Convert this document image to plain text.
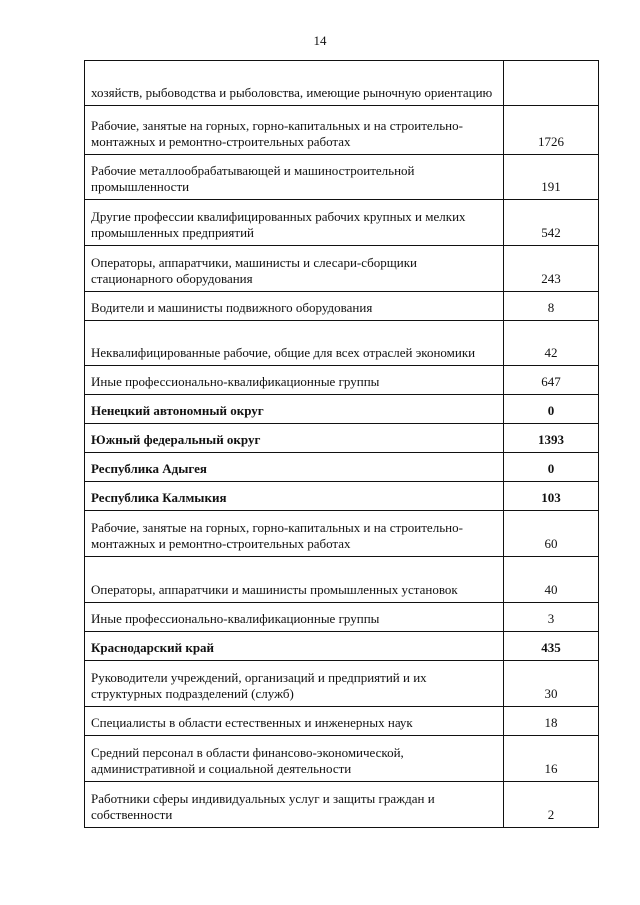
14
хозяйств, рыбоводства и рыболовства, имеющие рыночную ориентацию	
Рабочие, занятые на горных, горно-капитальных и на строительно-монтажных и ремонтно-строительных работах	1726
Рабочие металлообрабатывающей и машиностроительной промышленности	191
Другие профессии квалифицированных рабочих крупных и мелких промышленных предприятий	542
Операторы, аппаратчики, машинисты и слесари-сборщики стационарного оборудования	243
Водители и машинисты подвижного оборудования	8
Неквалифицированные рабочие, общие для всех отраслей экономики	42
Иные профессионально-квалификационные группы	647
Ненецкий автономный округ	0
Южный федеральный округ	1393
Республика Адыгея	0
Республика Калмыкия	103
Рабочие, занятые на горных, горно-капитальных и на строительно-монтажных и ремонтно-строительных работах	60
Операторы, аппаратчики и машинисты промышленных установок	40
Иные профессионально-квалификационные группы	3
Краснодарский край	435
Руководители учреждений, организаций и предприятий и их структурных подразделений (служб)	30
Специалисты в области естественных и инженерных наук	18
Средний персонал в области финансово-экономической, административной и социальной деятельности	16
Работники сферы индивидуальных услуг и защиты граждан и собственности	2
